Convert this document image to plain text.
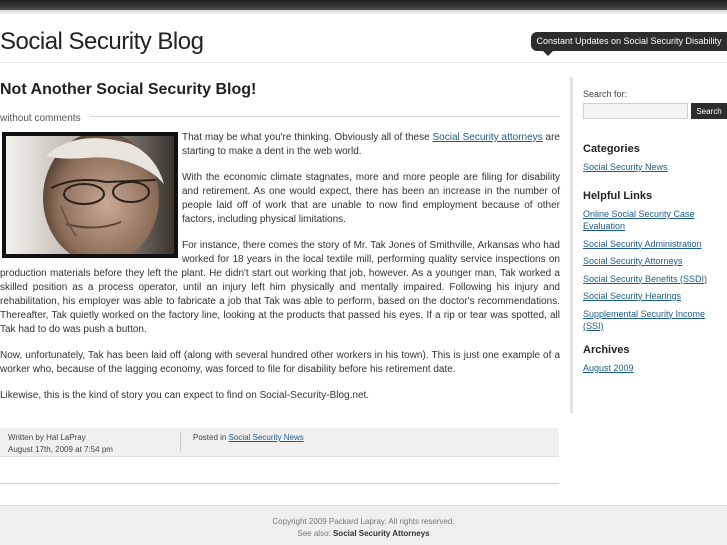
Social Security Blog	Constant Updates on Social Security Disability
Not Another Social Security Blog!
without comments

That may be what you're thinking. Obviously all of these Social Security attorneys are starting to make a dent in the web world.

With the economic climate stagnates, more and more people are filing for disability and retirement. As one would expect, there has been an increase in the number of people laid off of work that are unable to now find employment because of other factors, including physical limitations.

For instance, there comes the story of Mr. Tak Jones of Smithville, Arkansas who had worked for 18 years in the local textile mill, performing quality service inspections on production materials before they left the plant. He didn't start out working that job, however. As a younger man, Tak worked a skilled position as a process operator, until an injury left him physically and mentally impaired. Following his injury and rehabilitation, his employer was able to fabricate a job that Tak was able to perform, based on the doctor's recommendations. Thereafter, Tak quietly worked on the factory line, looking at the products that passed his eyes. If a rip or tear was spotted, all Tak had to do was push a button.

Now, unfortunately, Tak has been laid off (along with several hundred other workers in his town). This is just one example of a worker who, because of the lagging economy, was forced to file for disability before his retirement date.

Likewise, this is the kind of story you can expect to find on Social-Security-Blog.net.

Written by Hal LaPray
August 17th, 2009 at 7:54 pm
Posted in Social Security News
Search for:
Search
Categories
Social Security News
Helpful Links
Online Social Security Case Evaluation
Social Security Administration
Social Security Attorneys
Social Security Benefits (SSDI)
Social Security Hearings
Supplemental Security Income (SSI)
Archives
August 2009
Copyright 2009 Packard Lapray. All rights reserved.
See also: Social Security Attorneys
